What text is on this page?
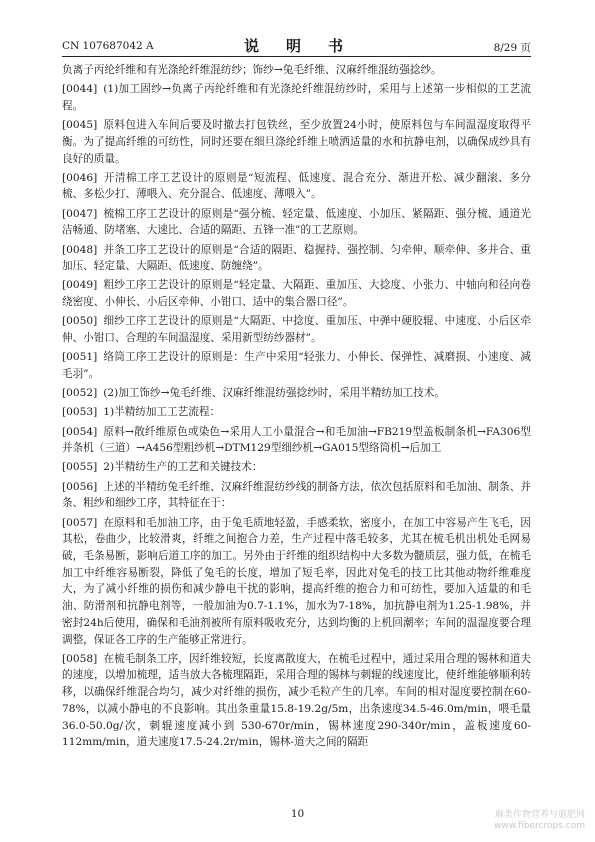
CN 107687042 A	说　明　书	8/29 页

负离子丙纶纤维和有光涤纶纤维混纺纱；饰纱→兔毛纤维、汉麻纤维混纺强捻纱。

[0044] (1)加工固纱→负离子丙纶纤维和有光涤纶纤维混纺纱时，采用与上述第一步相似的工艺流程。

[0045] 原料包进入车间后要及时撤去打包铁丝，至少放置24小时，使原料包与车间温湿度取得平衡。为了提高纤维的可纺性，同时还要在细旦涤纶纤维上喷洒适量的水和抗静电剂，以确保成纱具有良好的质量。

[0046] 开清棉工序工艺设计的原则是“短流程、低速度、混合充分、渐进开松、减少翻滚、多分梳、多松少打、薄喂入、充分混合、低速度、薄喂入”。

[0047] 梳棉工序工艺设计的原则是“强分梳、轻定量、低速度、小加压、紧隔距、强分梳、通道光洁畅通、防堵塞、大速比、合适的隔距、五锋一准”的工艺原则。

[0048] 并条工序工艺设计的原则是“合适的隔距、稳握持、强控制、匀牵伸、顺牵伸、多并合、重加压、轻定量、大隔距、低速度、防缠绕”。

[0049] 粗纱工序工艺设计的原则是“轻定量、大隔距、重加压、大捻度、小张力、中轴向和径向卷绕密度、小伸长、小后区牵伸、小钳口、适中的集合器口径”。

[0050] 细纱工序工艺设计的原则是“大隔距、中捻度、重加压、中弹中硬胶辊、中速度、小后区牵伸、小钳口、合理的车间温湿度、采用新型纺纱器材”。

[0051] 络筒工序工艺设计的原则是：生产中采用“轻张力、小伸长、保弹性、减磨损、小速度、减毛羽”。

[0052] (2)加工饰纱→兔毛纤维、汉麻纤维混纺强捻纱时，采用半精纺加工技术。

[0053] 1)半精纺加工工艺流程：

[0054] 原料→散纤维原色或染色→采用人工小量混合→和毛加油→FB219型盖板制条机→FA306型并条机（三道）→A456型粗纱机→DTM129型细纱机→GA015型络筒机→后加工

[0055] 2)半精纺生产的工艺和关键技术：

[0056] 上述的半精纺兔毛纤维、汉麻纤维混纺纱线的制备方法，依次包括原料和毛加油、制条、并条、粗纱和细纱工序，其特征在于：

[0057] 在原料和毛加油工序，由于兔毛质地轻盈，手感柔软，密度小，在加工中容易产生飞毛，因其松，卷曲少，比较滑爽，纤维之间抱合力差，生产过程中落毛较多，尤其在梳毛机出机处毛网易破，毛条易断，影响后道工序的加工。另外由于纤维的组织结构中大多数为髓质层，强力低，在梳毛加工中纤维容易断裂，降低了兔毛的长度，增加了短毛率，因此对兔毛的技工比其他动物纤维难度大，为了减小纤维的损伤和减少静电干扰的影响，提高纤维的抱合力和可纺性，要加入适量的和毛油、防滑剂和抗静电剂等，一般加油为0.7-1.1%，加水为7-18%，加抗静电剂为1.25-1.98%，并密封24h后使用，确保和毛油剂被所有原料吸收充分，达到均衡的上机回潮率；车间的温湿度要合理调整，保证各工序的生产能够正常进行。

[0058] 在梳毛制条工序，因纤维较短，长度离散度大，在梳毛过程中，通过采用合理的锡林和道夫的速度，以增加梳理，适当放大各梳理隔距，采用合理的锡林与刺辊的线速度比，使纤维能够顺利转移，以确保纤维混合均匀，减少对纤维的损伤，减少毛粒产生的几率。车间的相对湿度要控制在60-78%，以减小静电的不良影响。其出条重量15.8-19.2g/5m，出条速度34.5-46.0m/min，喂毛量36.0-50.0g/次，刺辊速度减小到 530-670r/min，锡林速度290-340r/min，盖板速度60-112mm/min，道夫速度17.5-24.2r/min，锡林-道夫之间的隔距

10	麻类作物营养与施肥网
www.fibercrops.com
